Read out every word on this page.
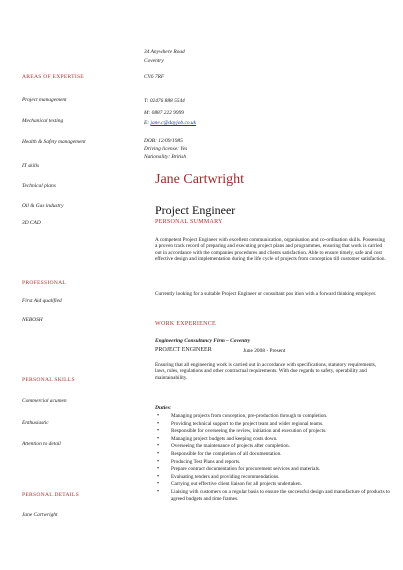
34 Anywhere Road
Coventry
CV6 7RF
T: 02476 888 5544
M: 0887 222 9999
E: jane.c@dayjob.co.uk
DOB: 12/09/1985
Driving license: Yes
Nationality: British
AREAS OF EXPERTISE
Project management
Mechanical testing
Health & Safety management
IT skills
Technical plans
Oil & Gas industry
3D CAD
PROFESSIONAL
First Aid qualified
NEBOSH
PERSONAL SKILLS
Commercial acumen
Enthusiastic
Attention to detail
PERSONAL DETAILS
Jane Cartwright
Jane Cartwright
Project Engineer
PERSONAL SUMMARY
A competent Project Engineer with excellent communication, organisation and co-ordination skills. Possessing a proven track record of preparing and executing project plans and programmes, ensuring that work is carried out in accordance with the companies procedures and clients satisfaction. Able to ensure timely, safe and cost effective design and implementation during the life cycle of projects from conception till customer satisfaction.
Currently looking for a suitable Project Engineer or consultant pos ition with a forward thinking employer.
WORK EXPERIENCE
Engineering Consultancy Firm – Coventry
PROJECT ENGINEER	June 2008 - Present
Ensuring that all engineering work is carried out in accordance with specifications, statutory requirements, laws, rules, regulations and other contractual requirements. With due regards to safety, operability and maintainability.
Duties:
• Managing projects from conception, pre-production through to completion.
• Providing technical support to the project team and wider regional teams.
• Responsible for overseeing the review, initiation and execution of projects.
• Managing project budgets and keeping costs down.
• Overseeing the maintenance of projects after completion.
• Responsible for the completion of all documentation.
• Producing Test Plans and reports.
• Prepare contract documentation for procurement services and materials.
• Evaluating tenders and providing recommendations.
• Carrying out effective client liaison for all projects undertaken.
• Liaising with customers on a regular basis to ensure the successful design and manufacture of products to agreed budgets and time frames.
